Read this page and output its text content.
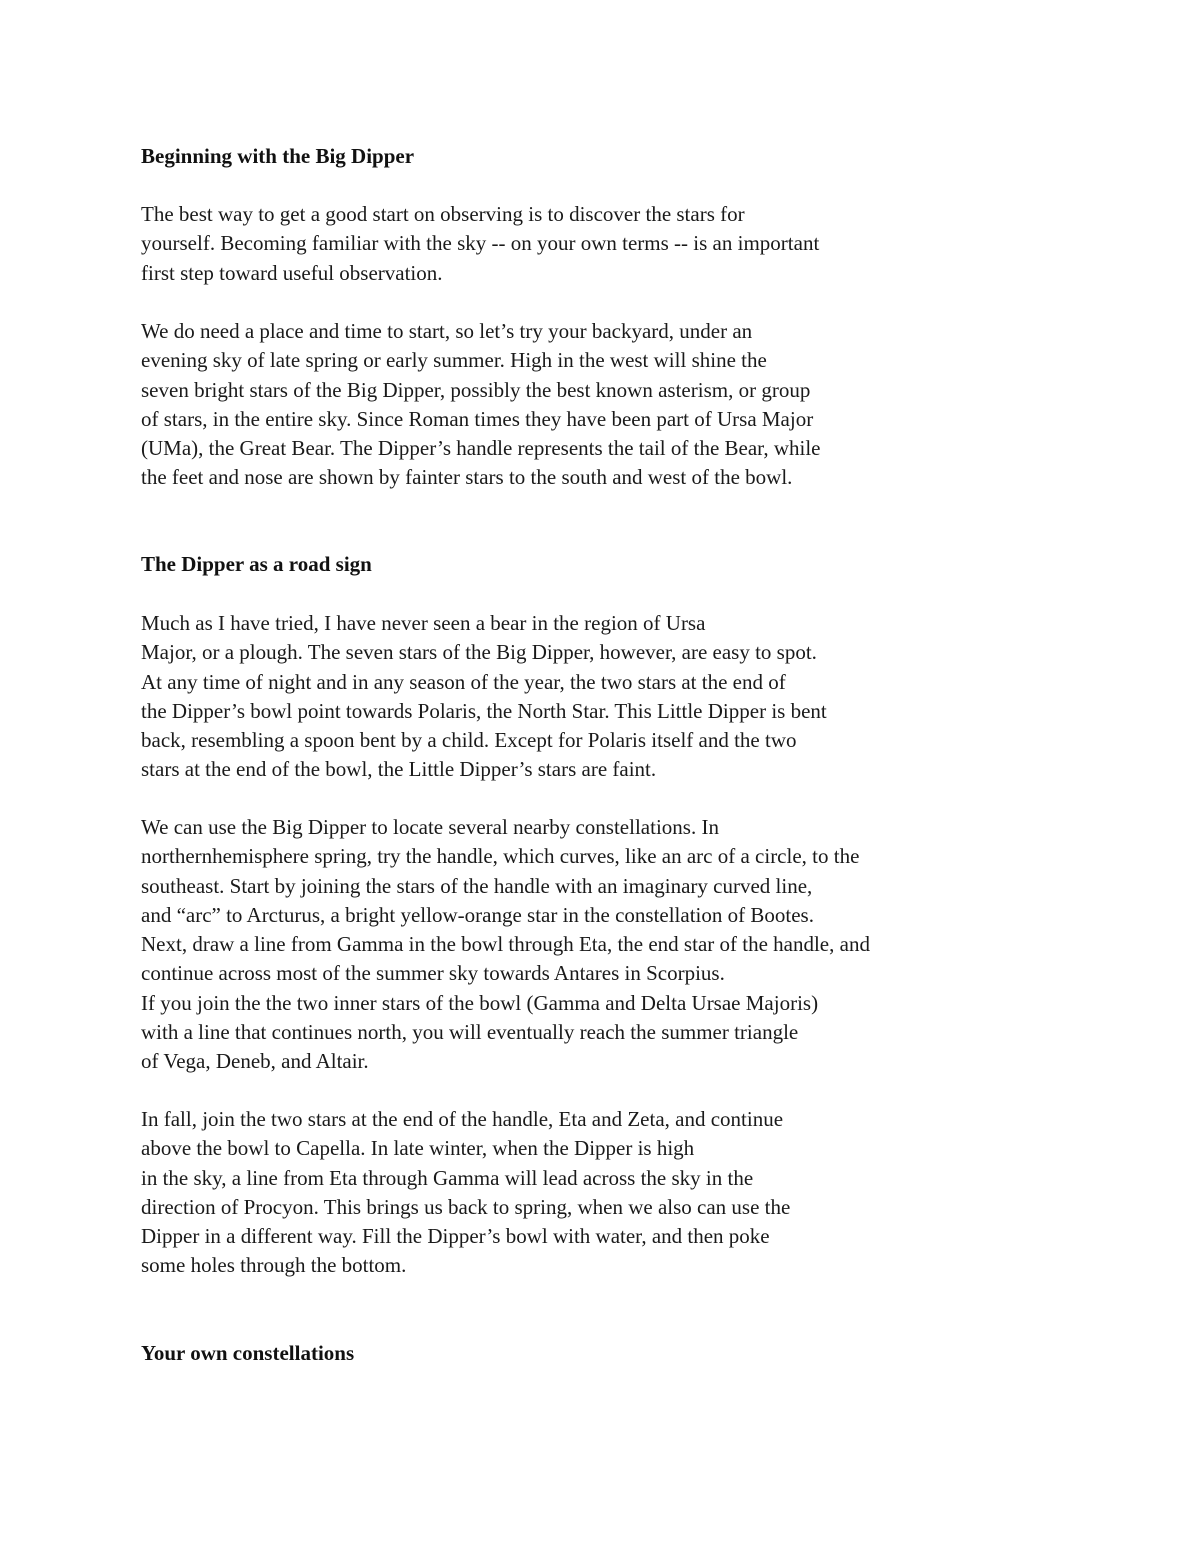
Beginning with the Big Dipper

The best way to get a good start on observing is to discover the stars for
yourself. Becoming familiar with the sky -- on your own terms -- is an important
first step toward useful observation.

We do need a place and time to start, so let’s try your backyard, under an
evening sky of late spring or early summer. High in the west will shine the
seven bright stars of the Big Dipper, possibly the best known asterism, or group
of stars, in the entire sky. Since Roman times they have been part of Ursa Major
(UMa), the Great Bear. The Dipper’s handle represents the tail of the Bear, while
the feet and nose are shown by fainter stars to the south and west of the bowl.

The Dipper as a road sign

Much as I have tried, I have never seen a bear in the region of Ursa
Major, or a plough. The seven stars of the Big Dipper, however, are easy to spot.
At any time of night and in any season of the year, the two stars at the end of
the Dipper’s bowl point towards Polaris, the North Star. This Little Dipper is bent
back, resembling a spoon bent by a child. Except for Polaris itself and the two
stars at the end of the bowl, the Little Dipper’s stars are faint.

We can use the Big Dipper to locate several nearby constellations. In
northernhemisphere spring, try the handle, which curves, like an arc of a circle, to the
southeast. Start by joining the stars of the handle with an imaginary curved line,
and “arc” to Arcturus, a bright yellow-orange star in the constellation of Bootes.
Next, draw a line from Gamma in the bowl through Eta, the end star of the handle, and
continue across most of the summer sky towards Antares in Scorpius.
If you join the the two inner stars of the bowl (Gamma and Delta Ursae Majoris)
with a line that continues north, you will eventually reach the summer triangle
of Vega, Deneb, and Altair.

In fall, join the two stars at the end of the handle, Eta and Zeta, and continue
above the bowl to Capella. In late winter, when the Dipper is high
in the sky, a line from Eta through Gamma will lead across the sky in the
direction of Procyon. This brings us back to spring, when we also can use the
Dipper in a different way. Fill the Dipper’s bowl with water, and then poke
some holes through the bottom.

Your own constellations
